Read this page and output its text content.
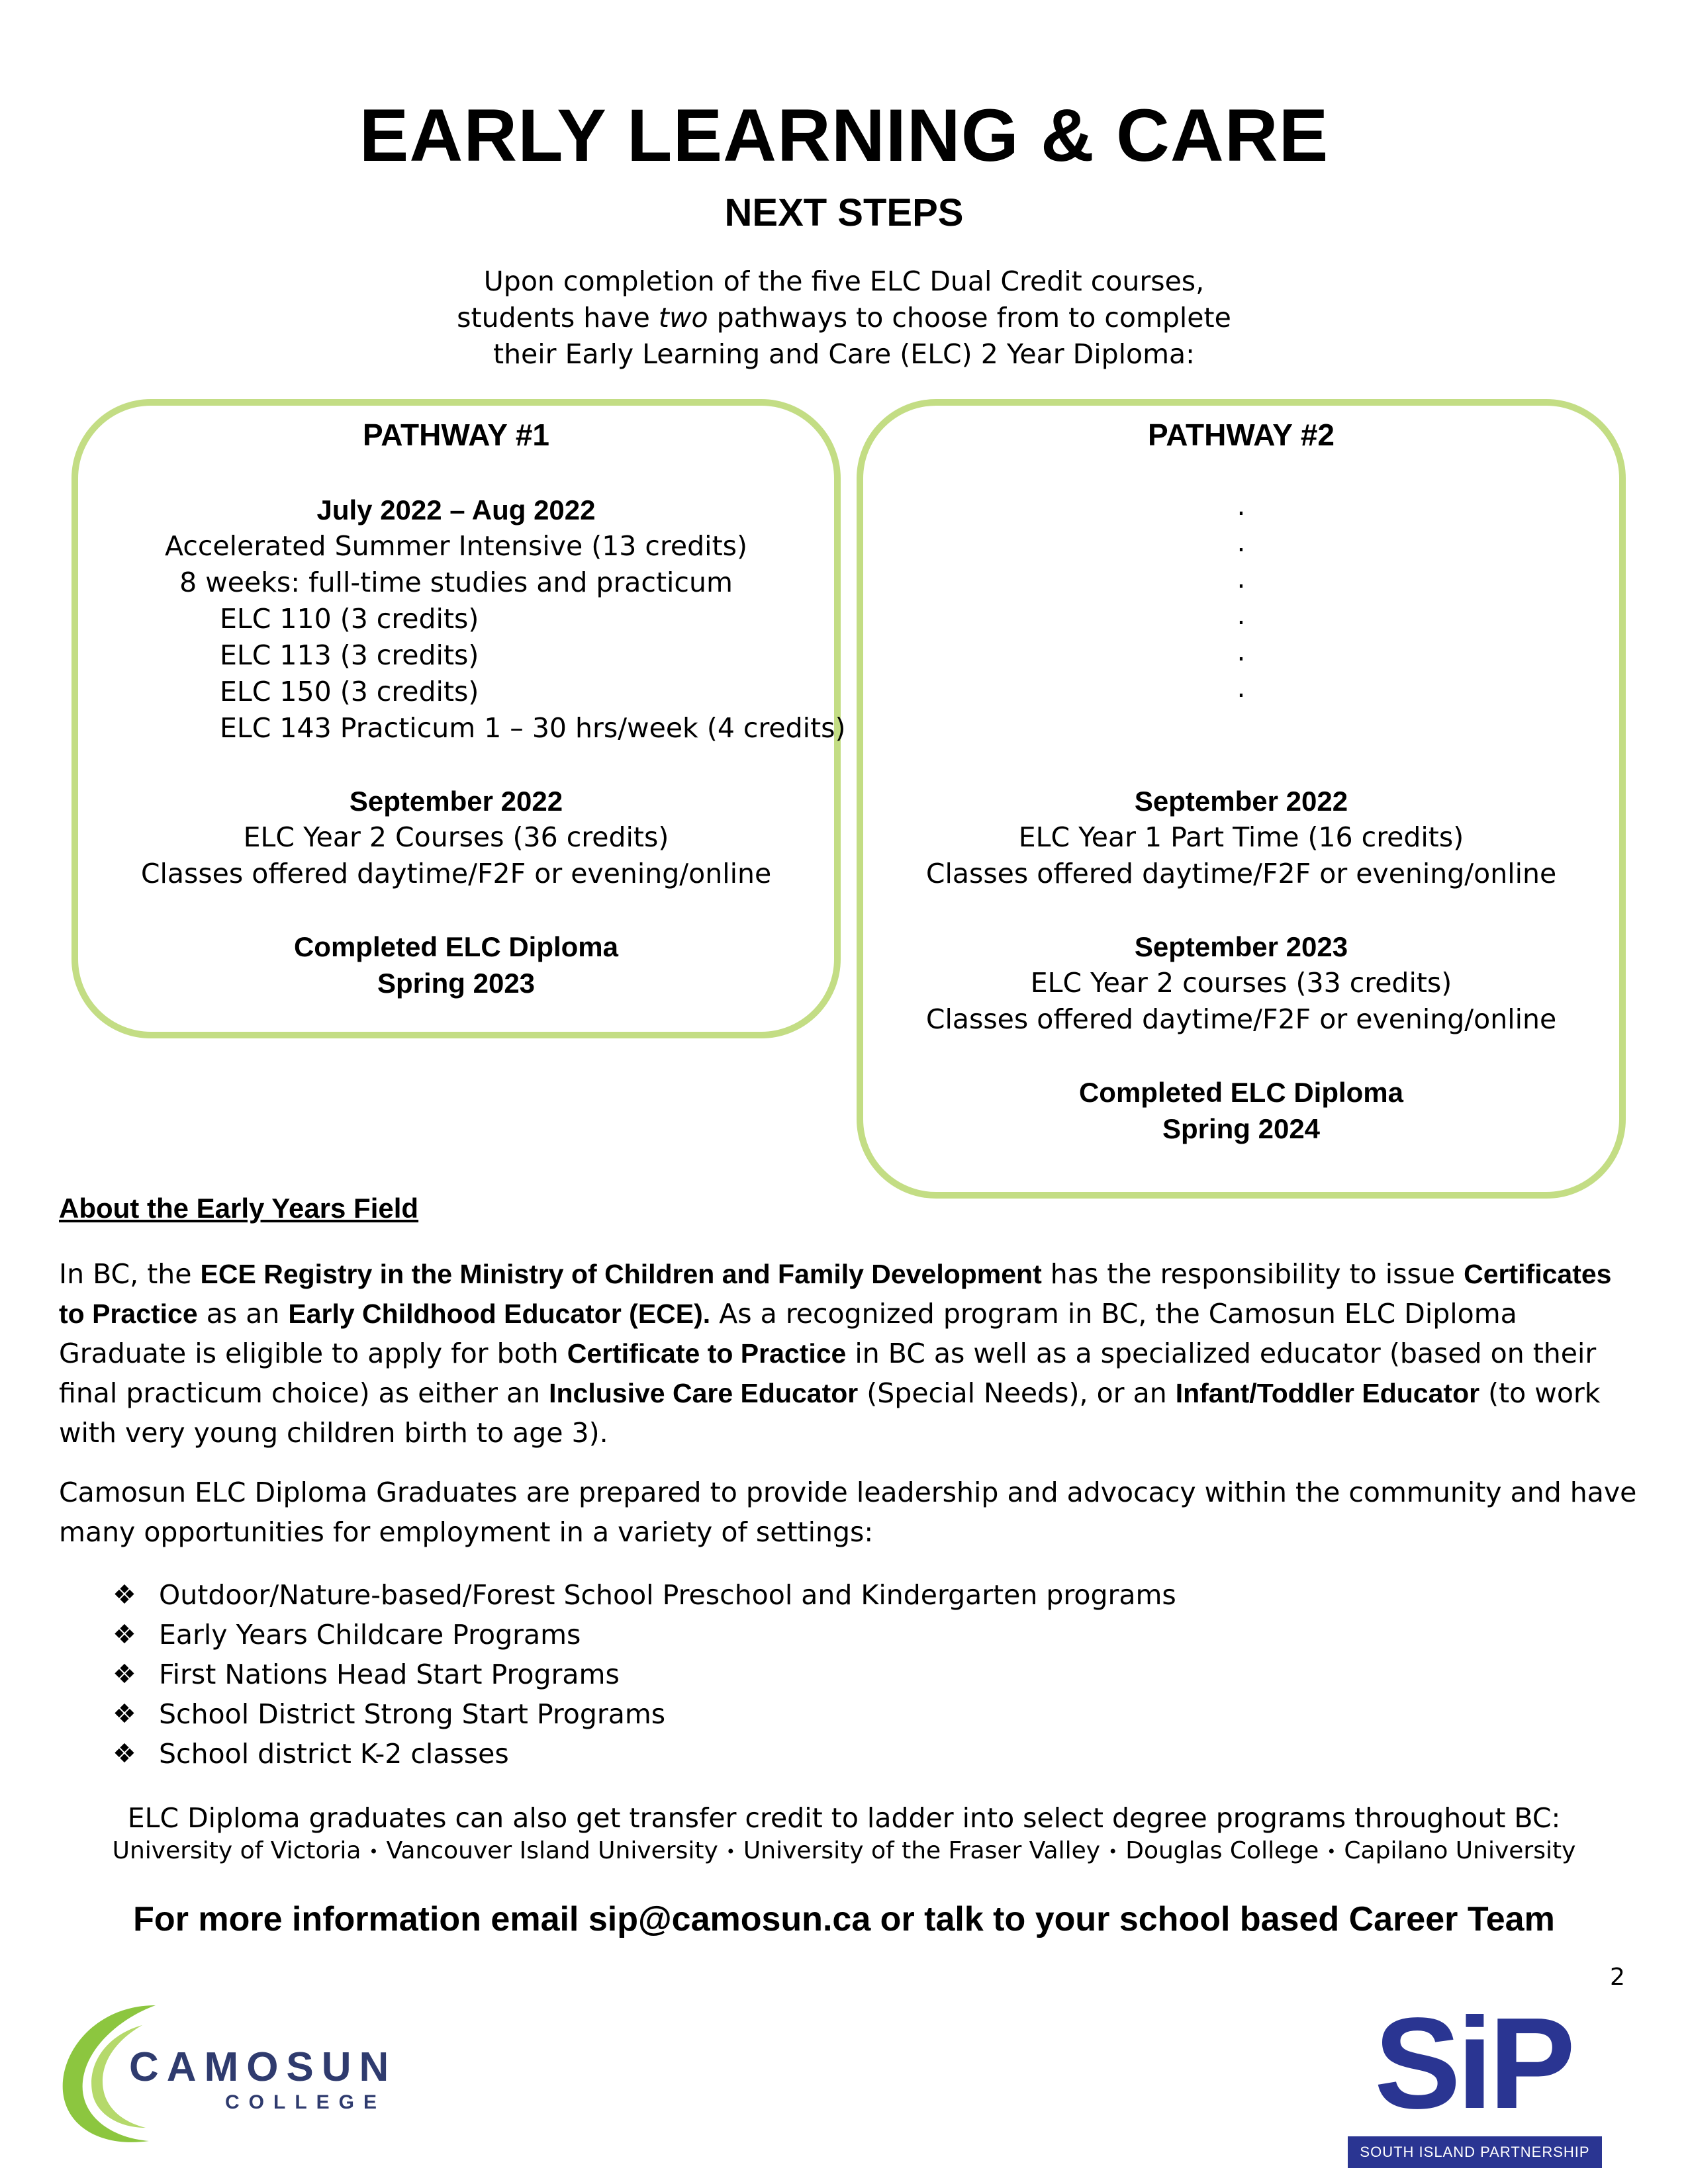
EARLY LEARNING & CARE
NEXT STEPS
Upon completion of the five ELC Dual Credit courses,
students have two pathways to choose from to complete
their Early Learning and Care (ELC) 2 Year Diploma:
PATHWAY #1
July 2022 – Aug 2022
Accelerated Summer Intensive (13 credits)
8 weeks: full-time studies and practicum
ELC 110 (3 credits)
ELC 113 (3 credits)
ELC 150 (3 credits)
ELC 143 Practicum 1 – 30 hrs/week (4 credits)
September 2022
ELC Year 2 Courses (36 credits)
Classes offered daytime/F2F or evening/online
Completed ELC Diploma
Spring 2023
PATHWAY #2
.
.
.
.
.
.
September 2022
ELC Year 1 Part Time (16 credits)
Classes offered daytime/F2F or evening/online
September 2023
ELC Year 2 courses (33 credits)
Classes offered daytime/F2F or evening/online
Completed ELC Diploma
Spring 2024
About the Early Years Field
In BC, the ECE Registry in the Ministry of Children and Family Development has the responsibility to issue Certificates to Practice as an Early Childhood Educator (ECE). As a recognized program in BC, the Camosun ELC Diploma Graduate is eligible to apply for both Certificate to Practice in BC as well as a specialized educator (based on their final practicum choice) as either an Inclusive Care Educator (Special Needs), or an Infant/Toddler Educator (to work with very young children birth to age 3).
Camosun ELC Diploma Graduates are prepared to provide leadership and advocacy within the community and have many opportunities for employment in a variety of settings:
❖ Outdoor/Nature-based/Forest School Preschool and Kindergarten programs
❖ Early Years Childcare Programs
❖ First Nations Head Start Programs
❖ School District Strong Start Programs
❖ School district K-2 classes
ELC Diploma graduates can also get transfer credit to ladder into select degree programs throughout BC:
University of Victoria • Vancouver Island University • University of the Fraser Valley • Douglas College • Capilano University
For more information email sip@camosun.ca or talk to your school based Career Team
2
CAMOSUN
COLLEGE	SiP
SOUTH ISLAND PARTNERSHIP
